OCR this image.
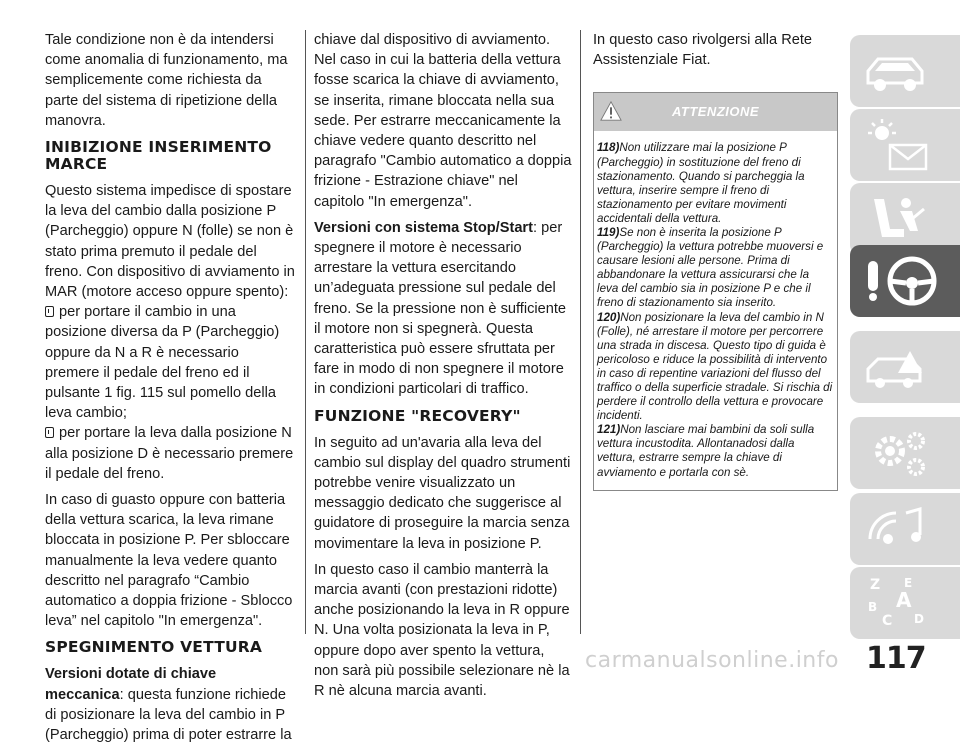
Tale condizione non è da intendersi come anomalia di funzionamento, ma semplicemente come richiesta da parte del sistema di ripetizione della manovra.

INIBIZIONE INSERIMENTO MARCE

Questo sistema impedisce di spostare la leva del cambio dalla posizione P (Parcheggio) oppure N (folle) se non è stato prima premuto il pedale del freno. Con dispositivo di avviamento in MAR (motore acceso oppure spento):

per portare il cambio in una posizione diversa da P (Parcheggio) oppure da N a R è necessario premere il pedale del freno ed il pulsante 1 fig. 115 sul pomello della leva cambio;

per portare la leva dalla posizione N alla posizione D è necessario premere il pedale del freno.

In caso di guasto oppure con batteria della vettura scarica, la leva rimane bloccata in posizione P. Per sbloccare manualmente la leva vedere quanto descritto nel paragrafo “Cambio automatico a doppia frizione - Sblocco leva” nel capitolo "In emergenza".

SPEGNIMENTO VETTURA

Versioni dotate di chiave meccanica: questa funzione richiede di posizionare la leva del cambio in P (Parcheggio) prima di poter estrarre la

chiave dal dispositivo di avviamento. Nel caso in cui la batteria della vettura fosse scarica la chiave di avviamento, se inserita, rimane bloccata nella sua sede. Per estrarre meccanicamente la chiave vedere quanto descritto nel paragrafo "Cambio automatico a doppia frizione - Estrazione chiave" nel capitolo "In emergenza".

Versioni con sistema Stop/Start: per spegnere il motore è necessario arrestare la vettura esercitando un’adeguata pressione sul pedale del freno. Se la pressione non è sufficiente il motore non si spegnerà. Questa caratteristica può essere sfruttata per fare in modo di non spegnere il motore in condizioni particolari di traffico.

FUNZIONE "RECOVERY"

In seguito ad un'avaria alla leva del cambio sul display del quadro strumenti potrebbe venire visualizzato un messaggio dedicato che suggerisce al guidatore di proseguire la marcia senza movimentare la leva in posizione P.

In questo caso il cambio manterrà la marcia avanti (con prestazioni ridotte) anche posizionando la leva in R oppure N. Una volta posizionata la leva in P, oppure dopo aver spento la vettura, non sarà più possibile selezionare nè la R nè alcuna marcia avanti.

In questo caso rivolgersi alla Rete Assistenziale Fiat.

ATTENZIONE

118)Non utilizzare mai la posizione P (Parcheggio) in sostituzione del freno di stazionamento. Quando si parcheggia la vettura, inserire sempre il freno di stazionamento per evitare movimenti accidentali della vettura.

119)Se non è inserita la posizione P (Parcheggio) la vettura potrebbe muoversi e causare lesioni alle persone. Prima di abbandonare la vettura assicurarsi che la leva del cambio sia in posizione P e che il freno di stazionamento sia inserito.

120)Non posizionare la leva del cambio in N (Folle), né arrestare il motore per percorrere una strada in discesa. Questo tipo di guida è pericoloso e riduce la possibilità di intervento in caso di repentine variazioni del flusso del traffico o della superficie stradale. Si rischia di perdere il controllo della vettura e provocare incidenti.

121)Non lasciare mai bambini da soli sulla vettura incustodita. Allontanadosi dalla vettura, estrarre sempre la chiave di avviamento e portarla con sè.

Z E
B A
C D
117
carmanualsonline.info
